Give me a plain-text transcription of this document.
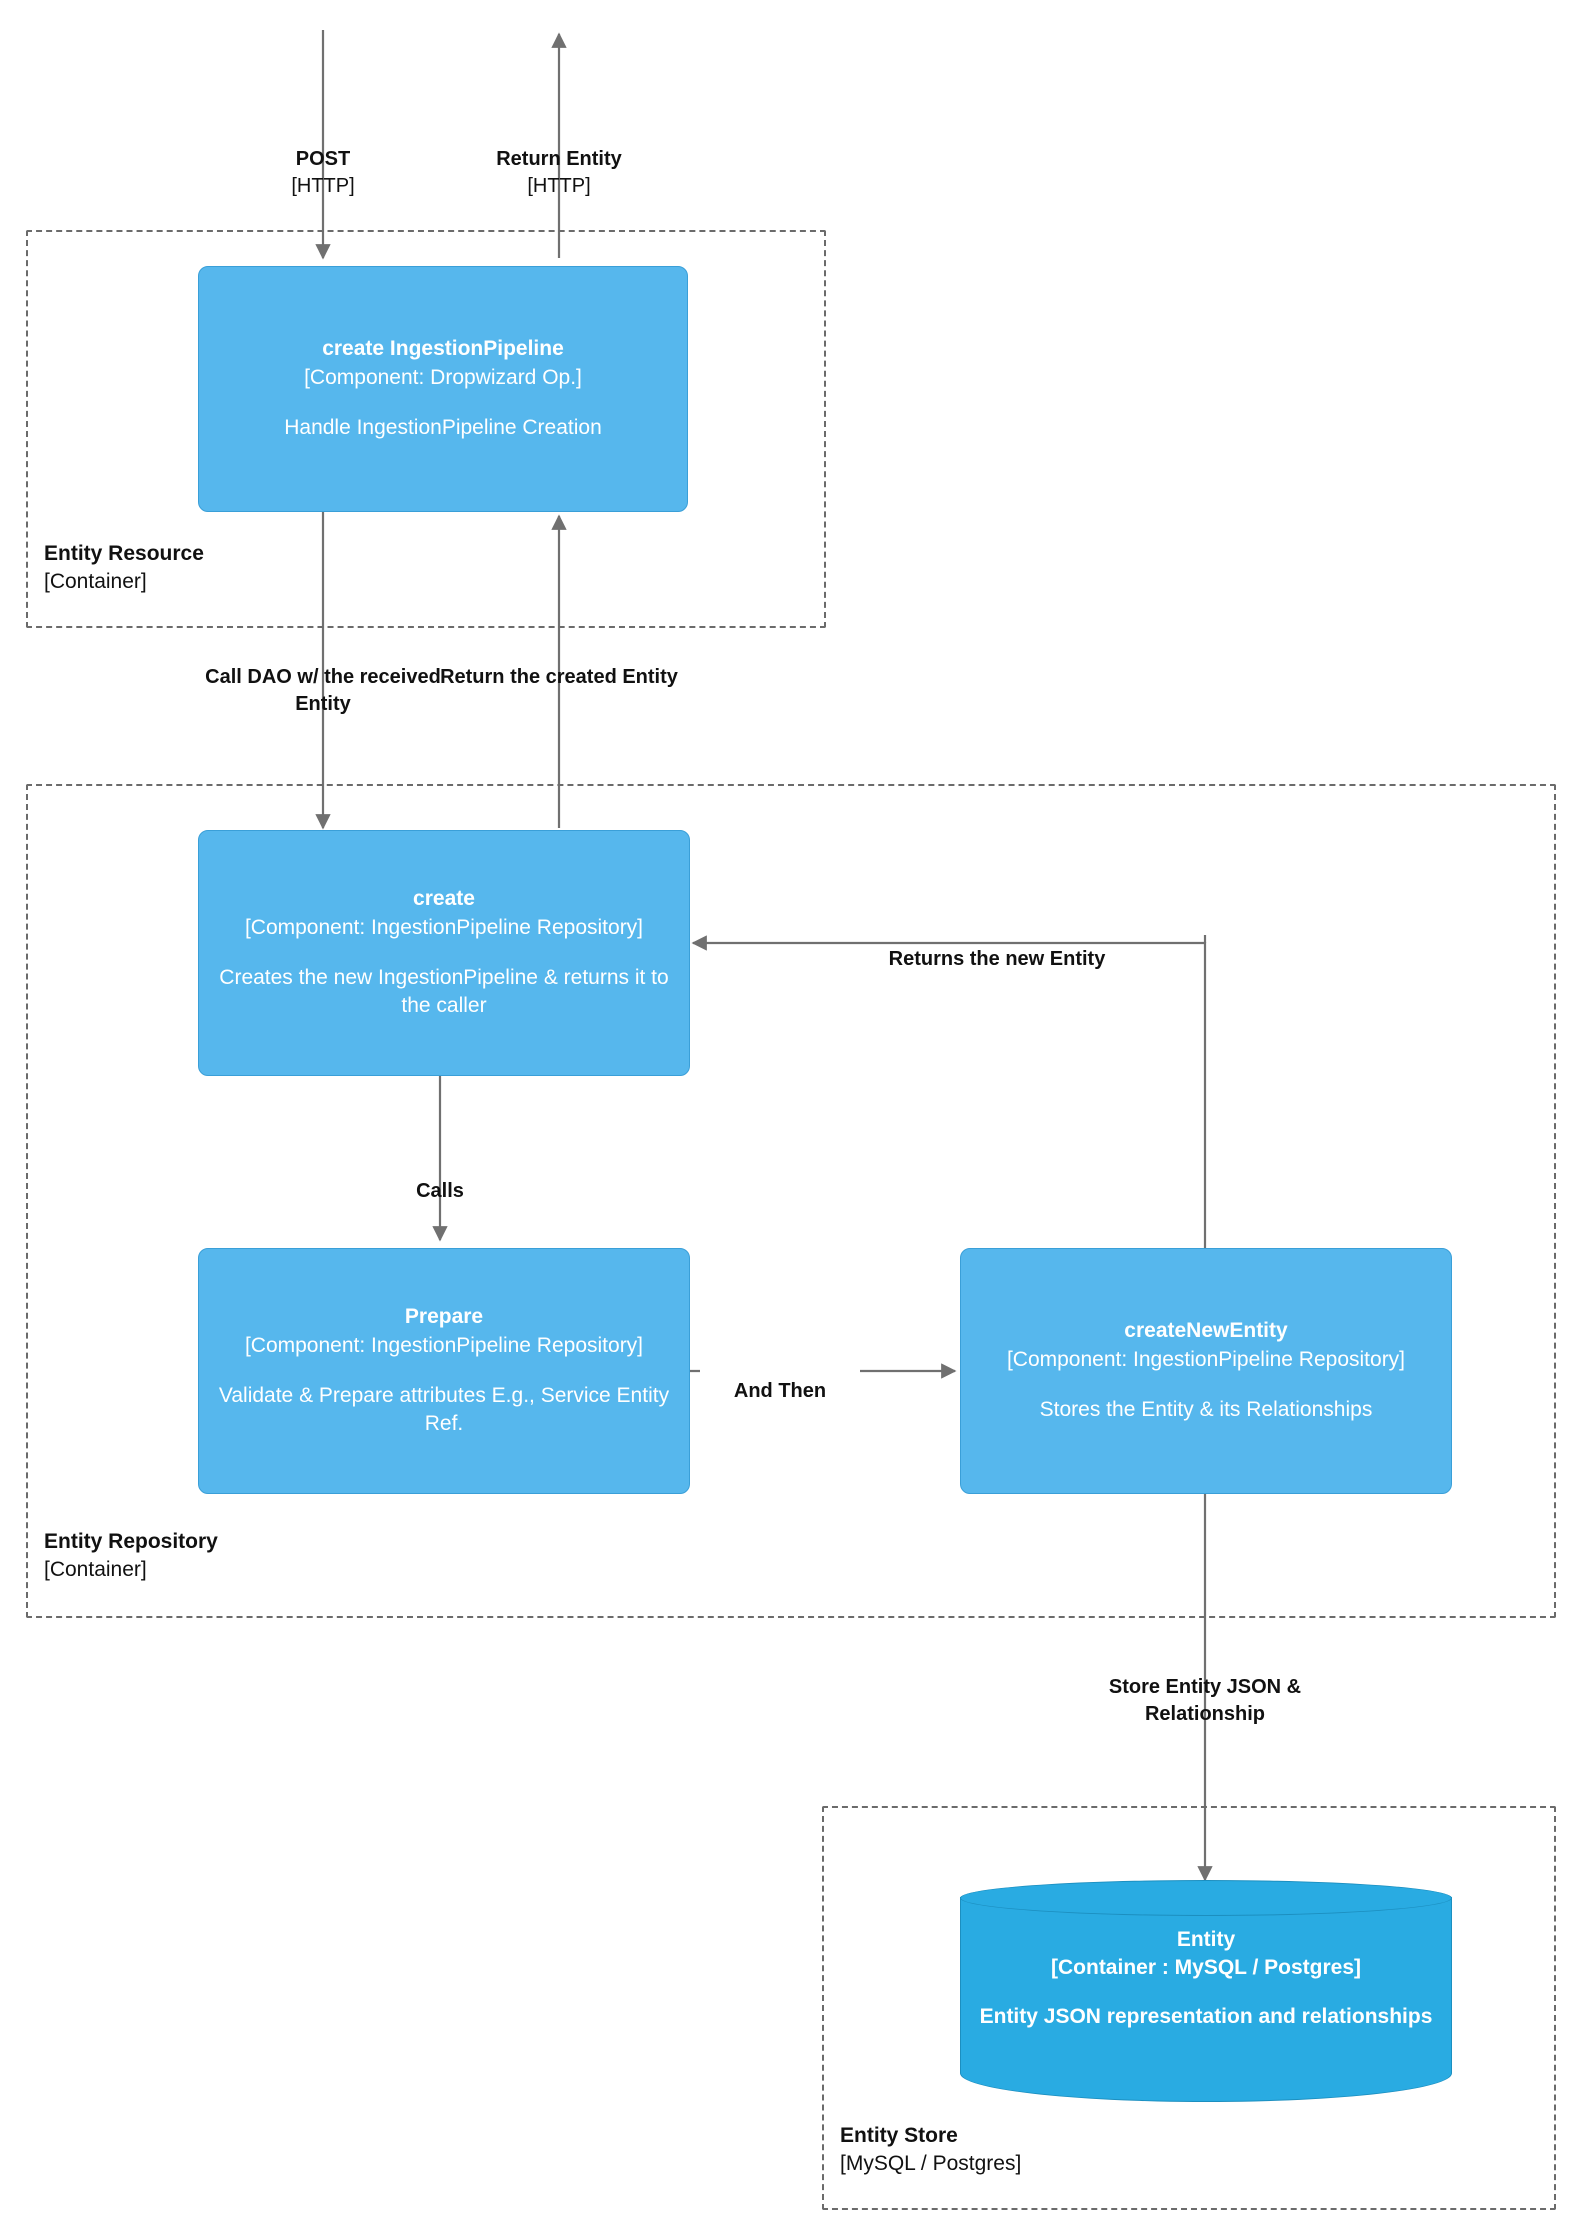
POST

[HTTP]

Return Entity

[HTTP]

Call DAO w/ the received Entity

Return the created Entity

Returns the new Entity

Calls

And Then

Store Entity JSON & Relationship

Entity Resource
[Container]
create IngestionPipeline
[Component: Dropwizard Op.]
Handle IngestionPipeline Creation
Entity Repository
[Container]
create
[Component: IngestionPipeline Repository]
Creates the new IngestionPipeline & returns it to the caller
Prepare
[Component: IngestionPipeline Repository]
Validate & Prepare attributes E.g., Service Entity Ref.
createNewEntity
[Component: IngestionPipeline Repository]
Stores the Entity & its Relationships
Entity Store
[MySQL / Postgres]
Entity
[Container : MySQL / Postgres]
Entity JSON representation and relationships
